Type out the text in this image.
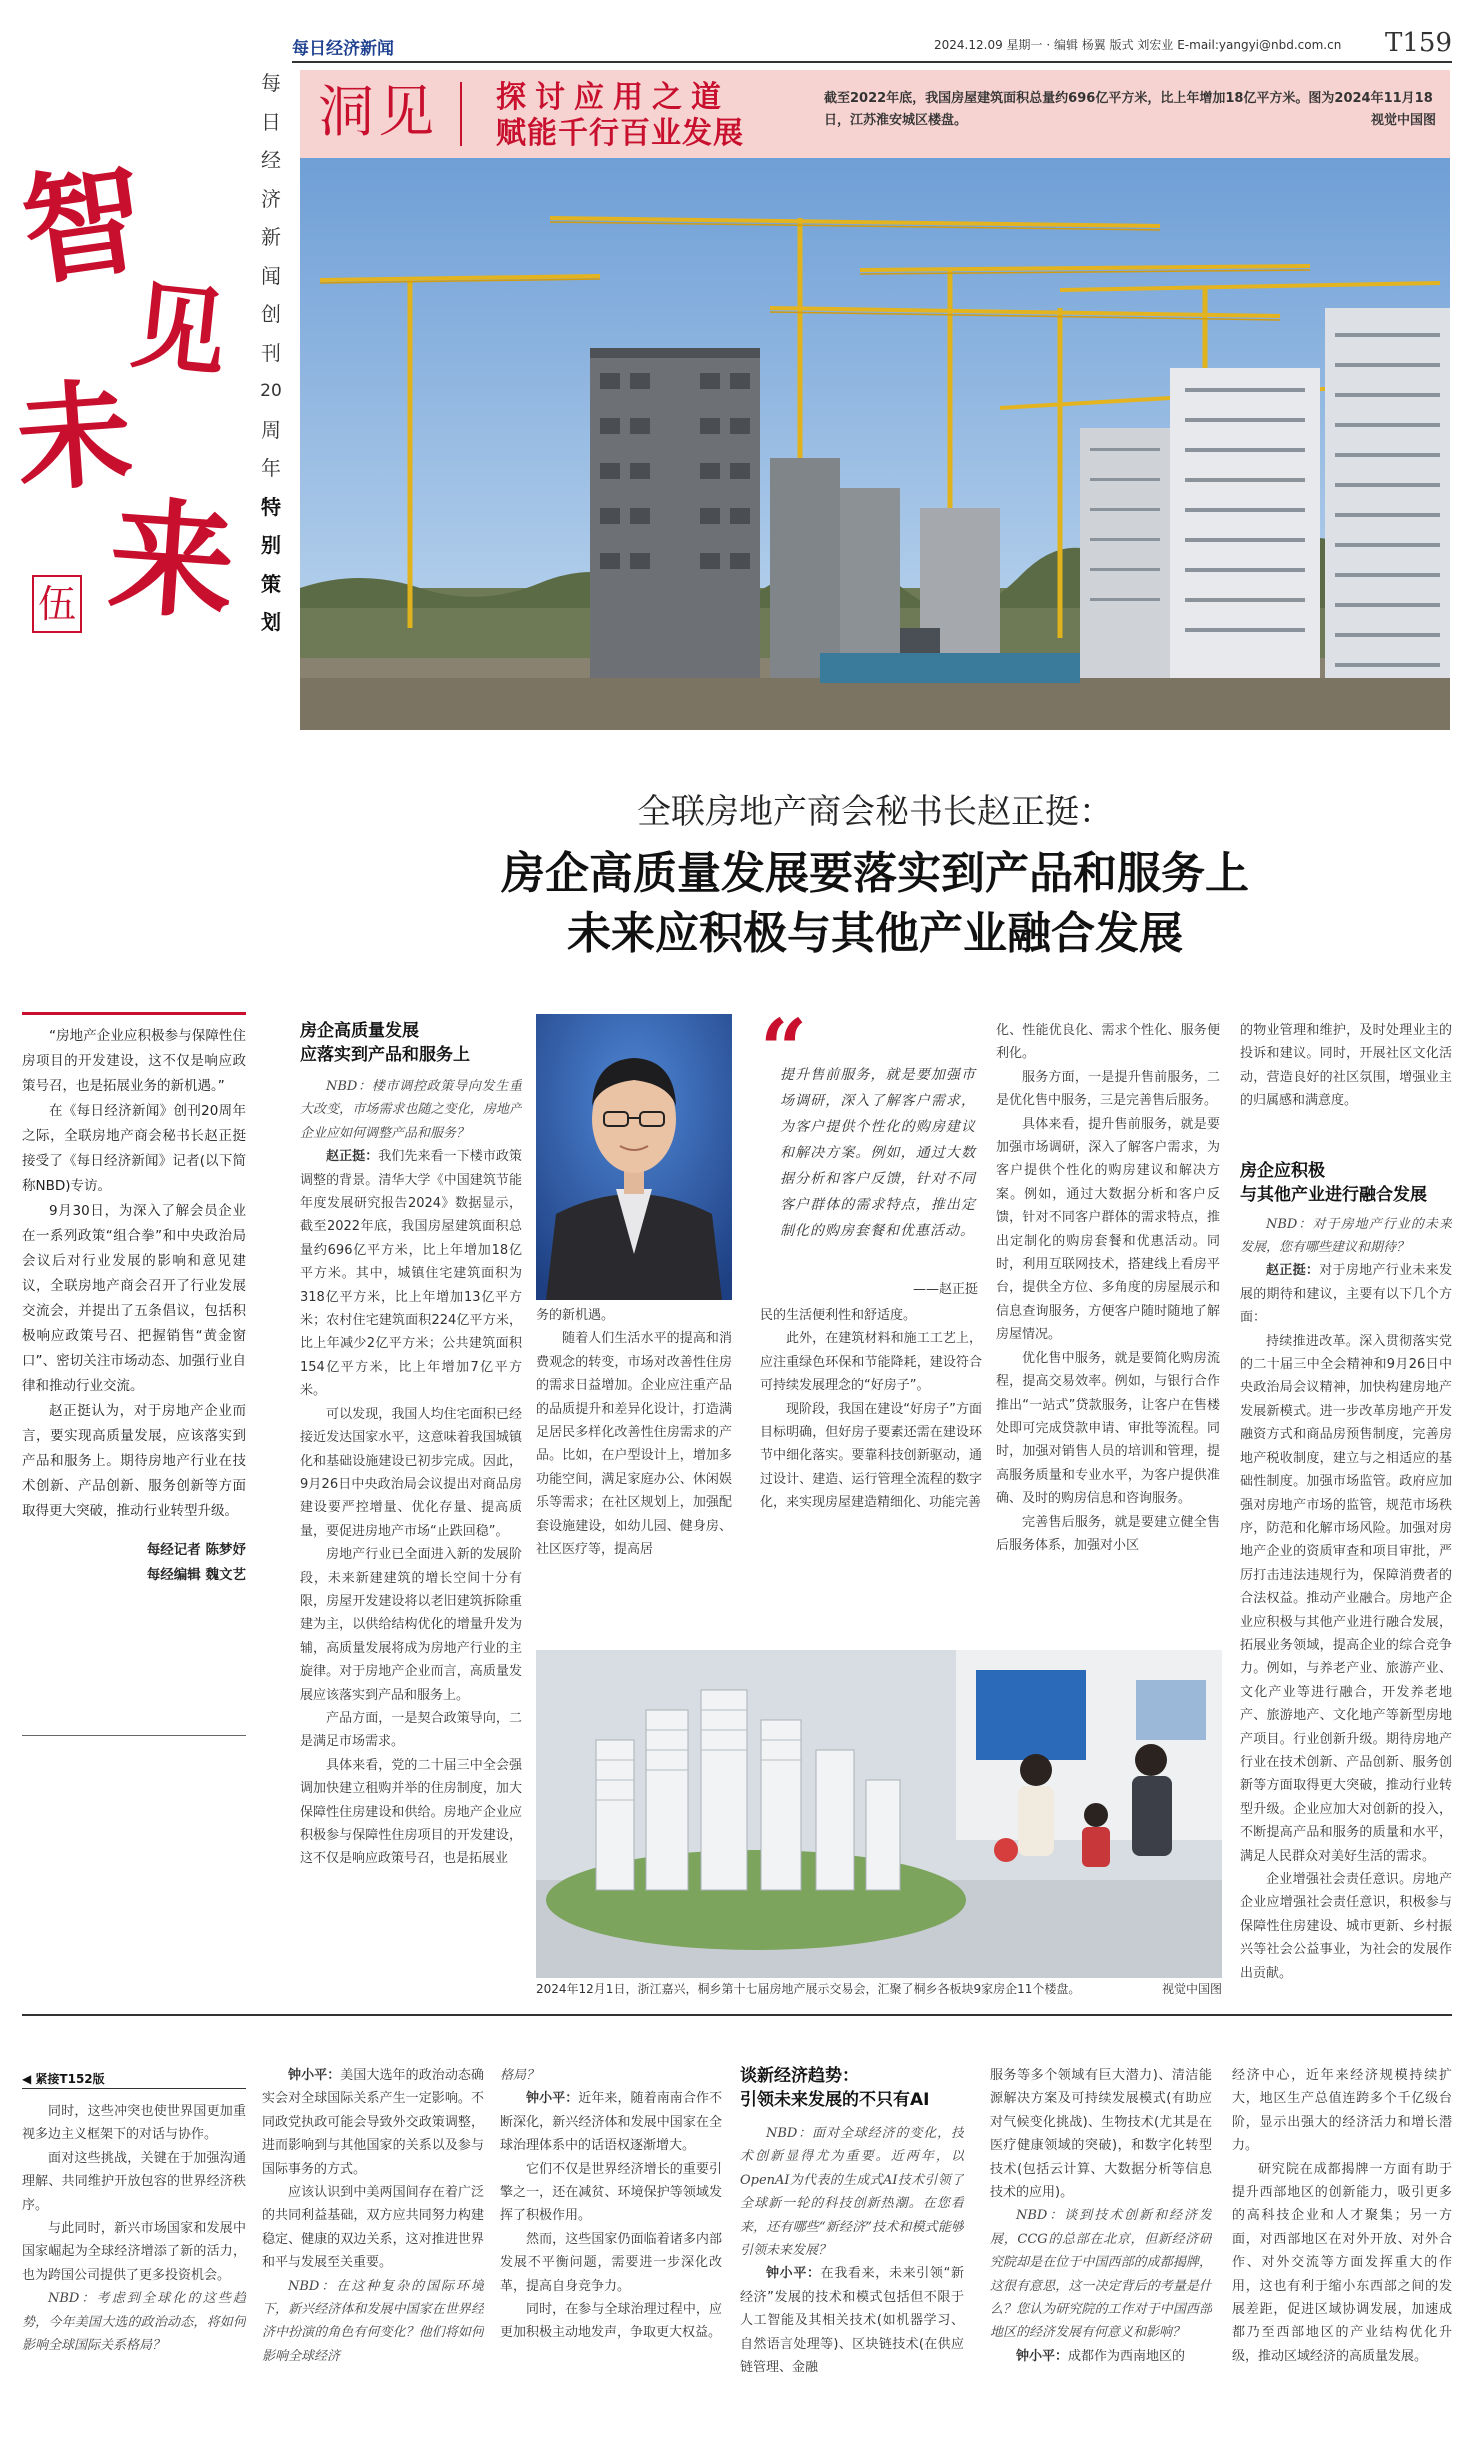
每日经济新闻	2024.12.09 星期一 · 编辑 杨翼 版式 刘宏业 E-mail:yangyi@nbd.com.cn T159
每
日
经
济
新
闻
创
刊
20
周
年
特
别
策
划
智
见
未
来
伍
洞见 探讨应用之道
赋能千行百业发展
截至2022年底，我国房屋建筑面积总量约696亿平方米，比上年增加18亿平方米。图为2024年11月18日，江苏淮安城区楼盘。	视觉中国图
全联房地产商会秘书长赵正挺：
房企高质量发展要落实到产品和服务上
未来应积极与其他产业融合发展

“房地产企业应积极参与保障性住房项目的开发建设，这不仅是响应政策号召，也是拓展业务的新机遇。”

在《每日经济新闻》创刊20周年之际，全联房地产商会秘书长赵正挺接受了《每日经济新闻》记者(以下简称NBD)专访。

9月30日，为深入了解会员企业在一系列政策“组合拳”和中央政治局会议后对行业发展的影响和意见建议，全联房地产商会召开了行业发展交流会，并提出了五条倡议，包括积极响应政策号召、把握销售“黄金窗口”、密切关注市场动态、加强行业自律和推动行业交流。

赵正挺认为，对于房地产企业而言，要实现高质量发展，应该落实到产品和服务上。期待房地产行业在技术创新、产品创新、服务创新等方面取得更大突破，推动行业转型升级。

每经记者 陈梦妤
每经编辑 魏文艺
房企高质量发展
应落实到产品和服务上

NBD：楼市调控政策导向发生重大改变，市场需求也随之变化，房地产企业应如何调整产品和服务？

赵正挺：我们先来看一下楼市政策调整的背景。清华大学《中国建筑节能年度发展研究报告2024》数据显示，截至2022年底，我国房屋建筑面积总量约696亿平方米，比上年增加18亿平方米。其中，城镇住宅建筑面积为318亿平方米，比上年增加13亿平方米；农村住宅建筑面积224亿平方米，比上年减少2亿平方米；公共建筑面积154亿平方米，比上年增加7亿平方米。

可以发现，我国人均住宅面积已经接近发达国家水平，这意味着我国城镇化和基础设施建设已初步完成。因此，9月26日中央政治局会议提出对商品房建设要严控增量、优化存量、提高质量，要促进房地产市场“止跌回稳”。

房地产行业已全面进入新的发展阶段，未来新建建筑的增长空间十分有限，房屋开发建设将以老旧建筑拆除重建为主，以供给结构优化的增量升发为辅，高质量发展将成为房地产行业的主旋律。对于房地产企业而言，高质量发展应该落实到产品和服务上。

产品方面，一是契合政策导向，二是满足市场需求。

具体来看，党的二十届三中全会强调加快建立租购并举的住房制度，加大保障性住房建设和供给。房地产企业应积极参与保障性住房项目的开发建设，这不仅是响应政策号召，也是拓展业

“
提升售前服务，就是要加强市场调研，深入了解客户需求，为客户提供个性化的购房建议和解决方案。例如，通过大数据分析和客户反馈，针对不同客户群体的需求特点，推出定制化的购房套餐和优惠活动。
——赵正挺

务的新机遇。

随着人们生活水平的提高和消费观念的转变，市场对改善性住房的需求日益增加。企业应注重产品的品质提升和差异化设计，打造满足居民多样化改善性住房需求的产品。比如，在户型设计上，增加多功能空间，满足家庭办公、休闲娱乐等需求；在社区规划上，加强配套设施建设，如幼儿园、健身房、社区医疗等，提高居

民的生活便利性和舒适度。

此外，在建筑材料和施工工艺上，应注重绿色环保和节能降耗，建设符合可持续发展理念的“好房子”。

现阶段，我国在建设“好房子”方面目标明确，但好房子要素还需在建设环节中细化落实。要靠科技创新驱动，通过设计、建造、运行管理全流程的数字化，来实现房屋建造精细化、功能完善

化、性能优良化、需求个性化、服务便利化。

服务方面，一是提升售前服务，二是优化售中服务，三是完善售后服务。

具体来看，提升售前服务，就是要加强市场调研，深入了解客户需求，为客户提供个性化的购房建议和解决方案。例如，通过大数据分析和客户反馈，针对不同客户群体的需求特点，推出定制化的购房套餐和优惠活动。同时，利用互联网技术，搭建线上看房平台，提供全方位、多角度的房屋展示和信息查询服务，方便客户随时随地了解房屋情况。

优化售中服务，就是要简化购房流程，提高交易效率。例如，与银行合作推出“一站式”贷款服务，让客户在售楼处即可完成贷款申请、审批等流程。同时，加强对销售人员的培训和管理，提高服务质量和专业水平，为客户提供准确、及时的购房信息和咨询服务。

完善售后服务，就是要建立健全售后服务体系，加强对小区

的物业管理和维护，及时处理业主的投诉和建议。同时，开展社区文化活动，营造良好的社区氛围，增强业主的归属感和满意度。

房企应积极
与其他产业进行融合发展

NBD：对于房地产行业的未来发展，您有哪些建议和期待？

赵正挺：对于房地产行业未来发展的期待和建议，主要有以下几个方面：

持续推进改革。深入贯彻落实党的二十届三中全会精神和9月26日中央政治局会议精神，加快构建房地产发展新模式。进一步改革房地产开发融资方式和商品房预售制度，完善房地产税收制度，建立与之相适应的基础性制度。加强市场监管。政府应加强对房地产市场的监管，规范市场秩序，防范和化解市场风险。加强对房地产企业的资质审查和项目审批，严厉打击违法违规行为，保障消费者的合法权益。推动产业融合。房地产企业应积极与其他产业进行融合发展，拓展业务领域，提高企业的综合竞争力。例如，与养老产业、旅游产业、文化产业等进行融合，开发养老地产、旅游地产、文化地产等新型房地产项目。行业创新升级。期待房地产行业在技术创新、产品创新、服务创新等方面取得更大突破，推动行业转型升级。企业应加大对创新的投入，不断提高产品和服务的质量和水平，满足人民群众对美好生活的需求。

企业增强社会责任意识。房地产企业应增强社会责任意识，积极参与保障性住房建设、城市更新、乡村振兴等社会公益事业，为社会的发展作出贡献。

2024年12月1日，浙江嘉兴，桐乡第十七届房地产展示交易会，汇聚了桐乡各板块9家房企11个楼盘。	视觉中国图
◀ 紧接T152版

同时，这些冲突也使世界国更加重视多边主义框架下的对话与协作。

面对这些挑战，关键在于加强沟通理解、共同维护开放包容的世界经济秩序。

与此同时，新兴市场国家和发展中国家崛起为全球经济增添了新的活力，也为跨国公司提供了更多投资机会。

NBD：考虑到全球化的这些趋势，今年美国大选的政治动态，将如何影响全球国际关系格局？

钟小平：美国大选年的政治动态确实会对全球国际关系产生一定影响。不同政党执政可能会导致外交政策调整，进而影响到与其他国家的关系以及参与国际事务的方式。

应该认识到中美两国间存在着广泛的共同利益基础，双方应共同努力构建稳定、健康的双边关系，这对推进世界和平与发展至关重要。

NBD：在这种复杂的国际环境下，新兴经济体和发展中国家在世界经济中扮演的角色有何变化？他们将如何影响全球经济

格局？

钟小平：近年来，随着南南合作不断深化，新兴经济体和发展中国家在全球治理体系中的话语权逐渐增大。

它们不仅是世界经济增长的重要引擎之一，还在减贫、环境保护等领域发挥了积极作用。

然而，这些国家仍面临着诸多内部发展不平衡问题，需要进一步深化改革，提高自身竞争力。

同时，在参与全球治理过程中，应更加积极主动地发声，争取更大权益。

谈新经济趋势：
引领未来发展的不只有AI

NBD：面对全球经济的变化，技术创新显得尤为重要。近两年，以OpenAI为代表的生成式AI技术引领了全球新一轮的科技创新热潮。在您看来，还有哪些“新经济”技术和模式能够引领未来发展？

钟小平：在我看来，未来引领“新经济”发展的技术和模式包括但不限于人工智能及其相关技术(如机器学习、自然语言处理等)、区块链技术(在供应链管理、金融

服务等多个领域有巨大潜力)、清洁能源解决方案及可持续发展模式(有助应对气候变化挑战)、生物技术(尤其是在医疗健康领域的突破)，和数字化转型技术(包括云计算、大数据分析等信息技术的应用)。

NBD：谈到技术创新和经济发展，CCG的总部在北京，但新经济研究院却是在位于中国西部的成都揭牌，这很有意思，这一决定背后的考量是什么？您认为研究院的工作对于中国西部地区的经济发展有何意义和影响？

钟小平：成都作为西南地区的

经济中心，近年来经济规模持续扩大，地区生产总值连跨多个千亿级台阶，显示出强大的经济活力和增长潜力。

研究院在成都揭牌一方面有助于提升西部地区的创新能力，吸引更多的高科技企业和人才聚集；另一方面，对西部地区在对外开放、对外合作、对外交流等方面发挥重大的作用，这也有利于缩小东西部之间的发展差距，促进区域协调发展，加速成都乃至西部地区的产业结构优化升级，推动区域经济的高质量发展。
